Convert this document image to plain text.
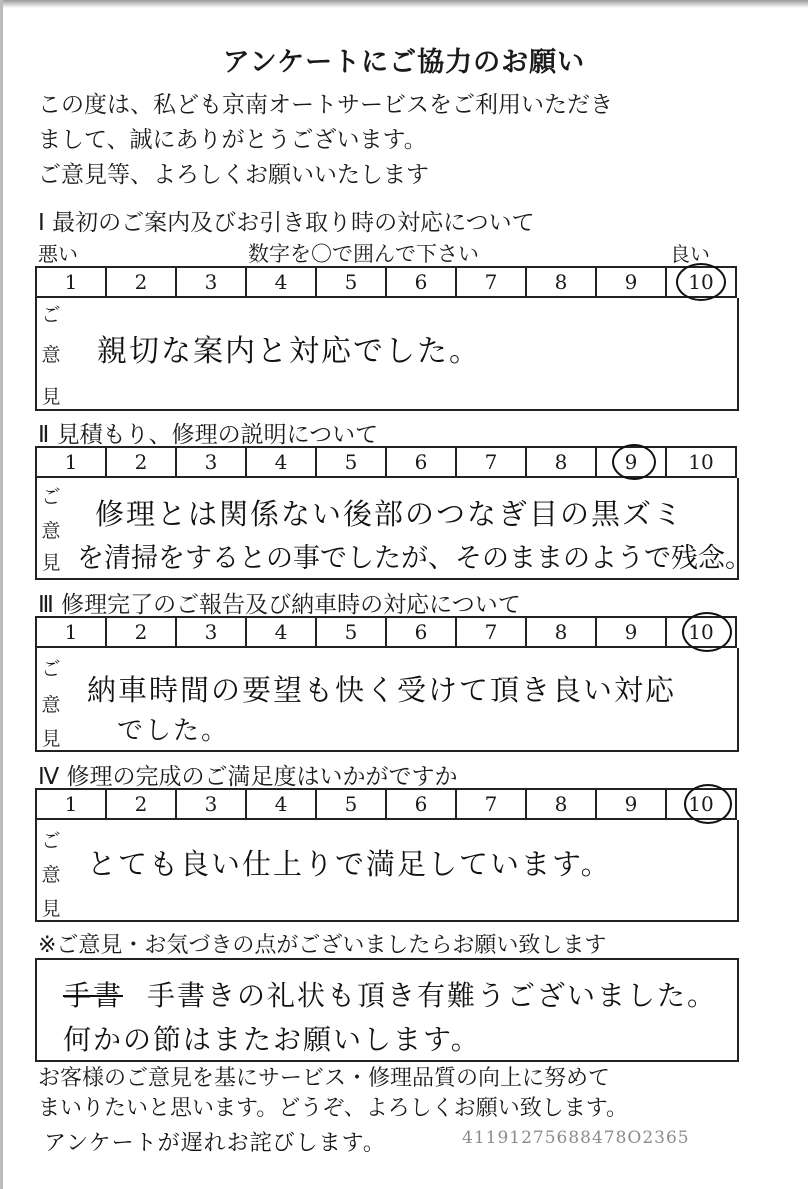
アンケートにご協力のお願い
この度は、私ども京南オートサービスをご利用いただき
まして、誠にありがとうございます。
ご意見等、よろしくお願いいたします
Ⅰ 最初のご案内及びお引き取り時の対応について
悪い	数字を〇で囲んで下さい	良い
1	2	3	4	5	6	7	8	9	10
ご
意
見
親切な案内と対応でした。
Ⅱ 見積もり、修理の説明について
1	2	3	4	5	6	7	8	9	10
ご
意
見
修理とは関係ない後部のつなぎ目の黒ズミ
を清掃をするとの事でしたが、そのままのようで残念。
Ⅲ 修理完了のご報告及び納車時の対応について
1	2	3	4	5	6	7	8	9	10
ご
意
見
納車時間の要望も快く受けて頂き良い対応
でした。
Ⅳ 修理の完成のご満足度はいかがですか
1	2	3	4	5	6	7	8	9	10
ご
意
見
とても良い仕上りで満足しています。
※ご意見・お気づきの点がございましたらお願い致します
手書 手書きの礼状も頂き有難うございました。
何かの節はまたお願いします。
お客様のご意見を基にサービス・修理品質の向上に努めて
まいりたいと思います。どうぞ、よろしくお願い致します。
アンケートが遅れお詫びします。	41191275688478O2365
